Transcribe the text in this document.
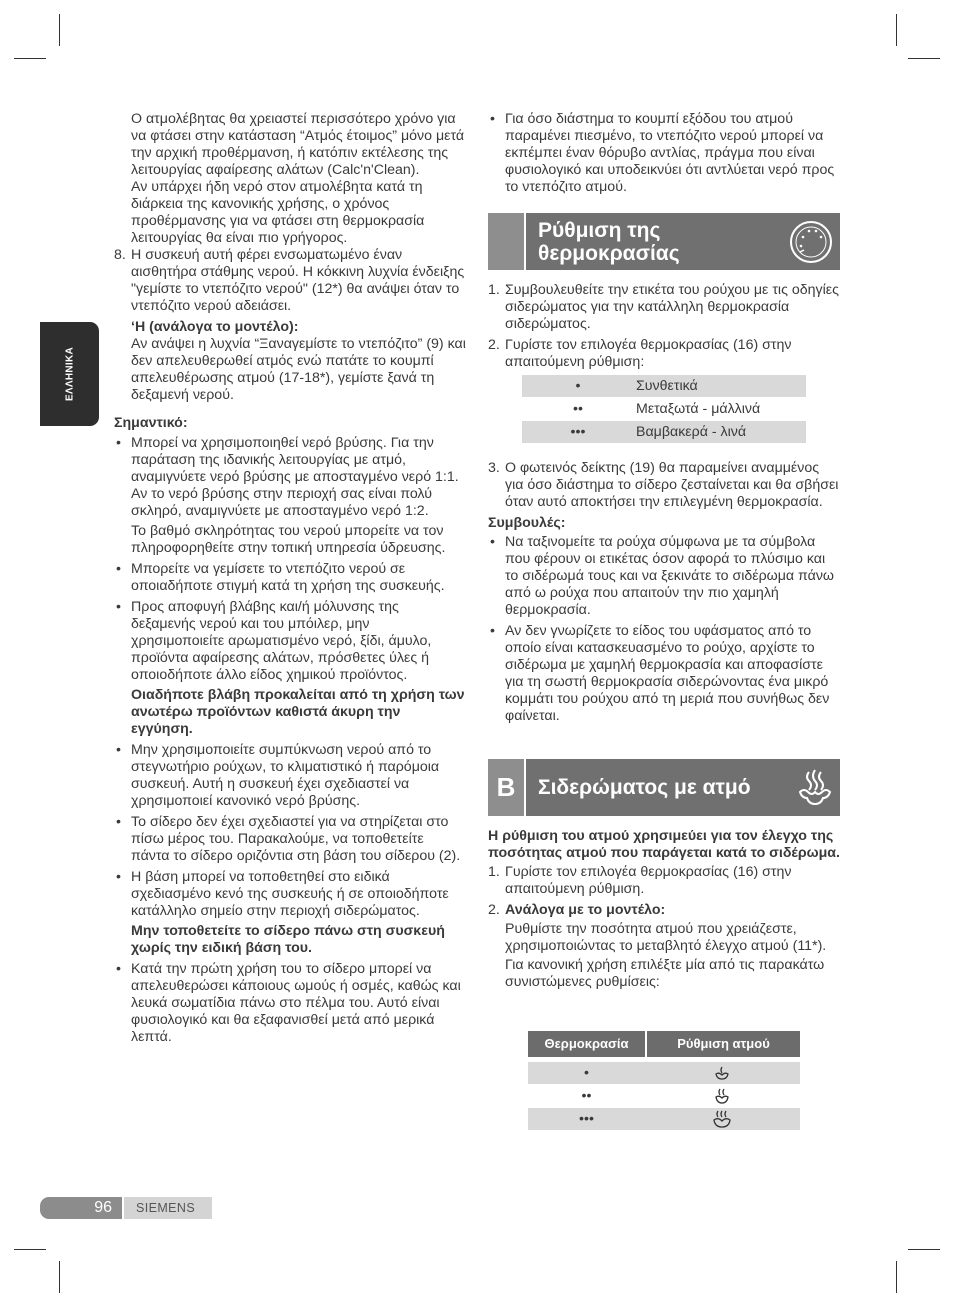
ΕΛΛΗΝΙΚΑ

Ο ατμολέβητας θα χρειαστεί περισσότερο χρόνο για να φτάσει στην κατάσταση “Ατμός έτοιμος” μόνο μετά την αρχική προθέρμανση, ή κατόπιν εκτέλεσης της λειτουργίας αφαίρεσης αλάτων (Calc'n'Clean).

Αν υπάρχει ήδη νερό στον ατμολέβητα κατά τη διάρκεια της κανονικής χρήσης, ο χρόνος προθέρμανσης για να φτάσει στη θερμοκρασία λειτουργίας θα είναι πιο γρήγορος.

8. Η συσκευή αυτή φέρει ενσωματωμένο έναν αισθητήρα στάθμης νερού. Η κόκκινη λυχνία ένδειξης "γεμίστε το ντεπόζιτο νερού" (12*) θα ανάψει όταν το ντεπόζιτο νερού αδειάσει.

‘Η (ανάλογα το μοντέλο):

Αν ανάψει η λυχνία “Ξαναγεμίστε το ντεπόζιτο” (9) και δεν απελευθερωθεί ατμός ενώ πατάτε το κουμπί απελευθέρωσης ατμού (17-18*), γεμίστε ξανά τη δεξαμενή νερού.

Σημαντικό:

• Μπορεί να χρησιμοποιηθεί νερό βρύσης. Για την παράταση της ιδανικής λειτουργίας με ατμό, αναμιγνύετε νερό βρύσης με αποσταγμένο νερό 1:1. Αν το νερό βρύσης στην περιοχή σας είναι πολύ σκληρό, αναμιγνύετε με αποσταγμένο νερό 1:2.

Το βαθμό σκληρότητας του νερού μπορείτε να τον πληροφορηθείτε στην τοπική υπηρεσία ύδρευσης.

• Μπορείτε να γεμίσετε το ντεπόζιτο νερού σε οποιαδήποτε στιγμή κατά τη χρήση της συσκευής.

• Προς αποφυγή βλάβης και/ή μόλυνσης της δεξαμενής νερού και του μπόιλερ, μην χρησιμοποιείτε αρωματισμένο νερό, ξίδι, άμυλο, προϊόντα αφαίρεσης αλάτων, πρόσθετες ύλες ή οποιοδήποτε άλλο είδος χημικού προϊόντος.

Οιαδήποτε βλάβη προκαλείται από τη χρήση των ανωτέρω προϊόντων καθιστά άκυρη την εγγύηση.

• Μην χρησιμοποιείτε συμπύκνωση νερού από το στεγνωτήριο ρούχων, το κλιματιστικό ή παρόμοια συσκευή. Αυτή η συσκευή έχει σχεδιαστεί να χρησιμοποιεί κανονικό νερό βρύσης.

• Το σίδερο δεν έχει σχεδιαστεί για να στηρίζεται στο πίσω μέρος του. Παρακαλούμε, να τοποθετείτε πάντα το σίδερο οριζόντια στη βάση του σίδερου (2).

• Η βάση μπορεί να τοποθετηθεί στο ειδικά σχεδιασμένο κενό της συσκευής ή σε οποιοδήποτε κατάλληλο σημείο στην περιοχή σιδερώματος.

Μην τοποθετείτε το σίδερο πάνω στη συσκευή χωρίς την ειδική βάση του.

• Κατά την πρώτη χρήση του το σίδερο μπορεί να απελευθερώσει κάποιους ωμούς ή οσμές, καθώς και λευκά σωματίδια πάνω στο πέλμα του. Αυτό είναι φυσιολογικό και θα εξαφανισθεί μετά από μερικά λεπτά.

• Για όσο διάστημα το κουμπί εξόδου του ατμού παραμένει πιεσμένο, το ντεπόζιτο νερού μπορεί να εκπέμπει έναν θόρυβο αντλίας, πράγμα που είναι φυσιολογικό και υποδεικνύει ότι αντλύεται νερό προς το ντεπόζιτο ατμού.

Ρύθμιση της
θερμοκρασίας
1. Συμβουλευθείτε την ετικέτα του ρούχου με τις οδηγίες σιδερώματος για την κατάλληλη θερμοκρασία σιδερώματος.

2. Γυρίστε τον επιλογέα θερμοκρασίας (16) στην απαιτούμενη ρύθμιση:

•	Συνθετικά
••	Μεταξωτά - μάλλινά
•••	Βαμβακερά - λινά
3. Ο φωτεινός δείκτης (19) θα παραμείνει αναμμένος για όσο διάστημα το σίδερο ζεσταίνεται και θα σβήσει όταν αυτό αποκτήσει την επιλεγμένη θερμοκρασία.

Συμβουλές:

• Να ταξινομείτε τα ρούχα σύμφωνα με τα σύμβολα που φέρουν οι ετικέτας όσον αφορά το πλύσιμο και το σιδέρωμά τους και να ξεκινάτε το σιδέρωμα πάνω από ω ρούχα που απαιτούν την πιο χαμηλή θερμοκρασία.

• Αν δεν γνωρίζετε το είδος του υφάσματος από το οποίο είναι κατασκευασμένο το ρούχο, αρχίστε το σιδέρωμα με χαμηλή θερμοκρασία και αποφασίστε για τη σωστή θερμοκρασία σιδερώνοντας ένα μικρό κομμάτι του ρούχου από τη μεριά που συνήθως δεν φαίνεται.

B	Σιδερώματος με ατμό

Η ρύθμιση του ατμού χρησιμεύει για τον έλεγχο της ποσότητας ατμού που παράγεται κατά το σιδέρωμα.

1. Γυρίστε τον επιλογέα θερμοκρασίας (16) στην απαιτούμενη ρύθμιση.

2. Ανάλογα με το μοντέλο:

Ρυθμίστε την ποσότητα ατμού που χρειάζεστε, χρησιμοποιώντας το μεταβλητό έλεγχο ατμού (11*).

Για κανονική χρήση επιλέξτε μία από τις παρακάτω συνιστώμενες ρυθμίσεις:

Θερμοκρασία	Ρύθμιση ατμού
•
••
•••
96	SIEMENS
